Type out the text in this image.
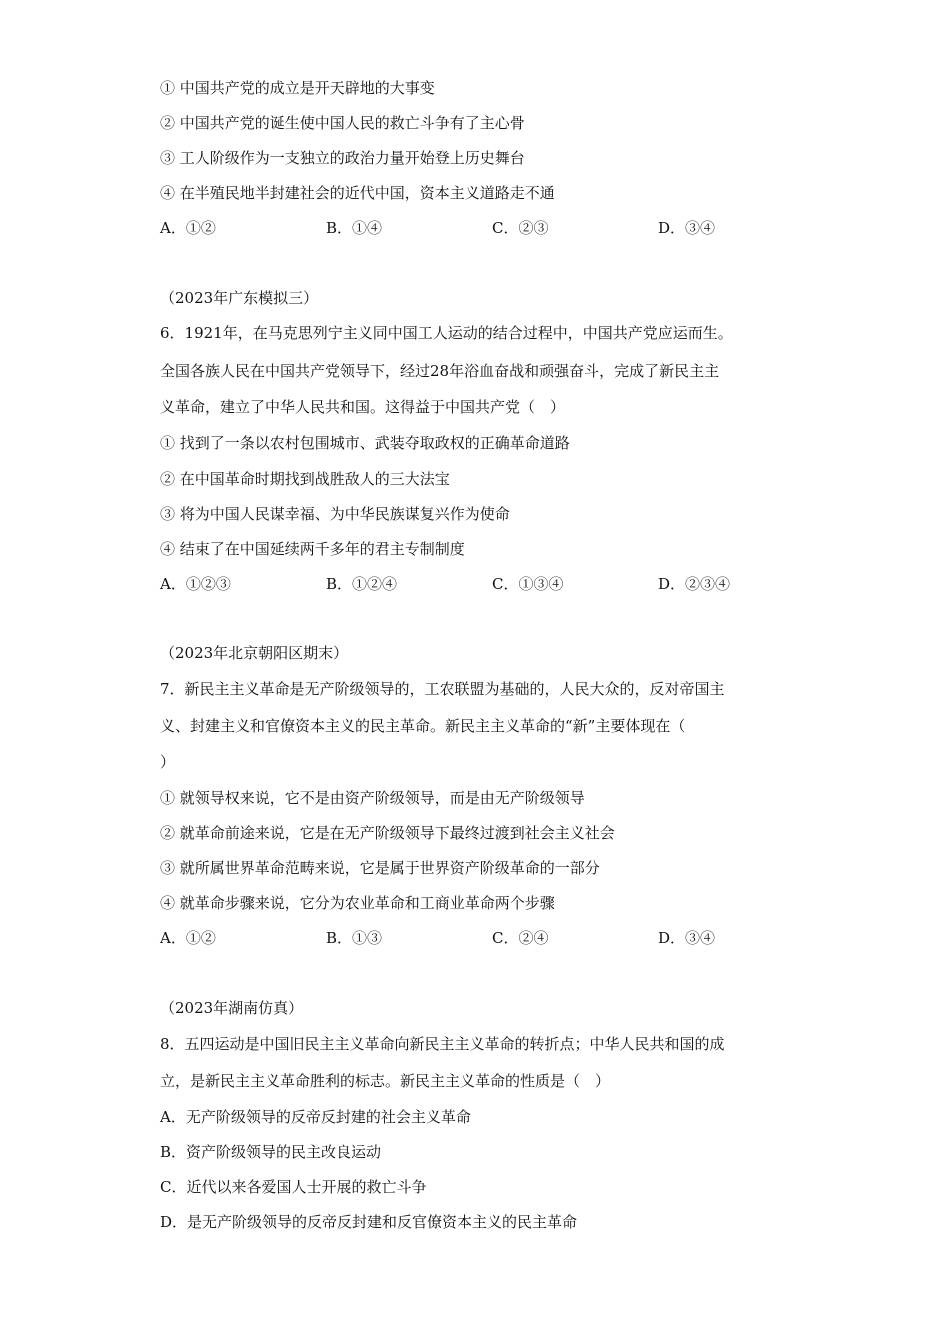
① 中国共产党的成立是开天辟地的大事变
② 中国共产党的诞生使中国人民的救亡斗争有了主心骨
③ 工人阶级作为一支独立的政治力量开始登上历史舞台
④ 在半殖民地半封建社会的近代中国，资本主义道路走不通
A．①②	B．①④	C．②③	D．③④
（2023年广东模拟三）
6．1921年，在马克思列宁主义同中国工人运动的结合过程中，中国共产党应运而生。
全国各族人民在中国共产党领导下，经过28年浴血奋战和顽强奋斗，完成了新民主主
义革命，建立了中华人民共和国。这得益于中国共产党（　）
① 找到了一条以农村包围城市、武装夺取政权的正确革命道路
② 在中国革命时期找到战胜敌人的三大法宝
③ 将为中国人民谋幸福、为中华民族谋复兴作为使命
④ 结束了在中国延续两千多年的君主专制制度
A．①②③	B．①②④	C．①③④	D．②③④
（2023年北京朝阳区期末）
7．新民主主义革命是无产阶级领导的，工农联盟为基础的，人民大众的，反对帝国主
义、封建主义和官僚资本主义的民主革命。新民主主义革命的“新”主要体现在（
）
① 就领导权来说，它不是由资产阶级领导，而是由无产阶级领导
② 就革命前途来说，它是在无产阶级领导下最终过渡到社会主义社会
③ 就所属世界革命范畴来说，它是属于世界资产阶级革命的一部分
④ 就革命步骤来说，它分为农业革命和工商业革命两个步骤
A．①②	B．①③	C．②④	D．③④
（2023年湖南仿真）
8．五四运动是中国旧民主主义革命向新民主主义革命的转折点；中华人民共和国的成
立，是新民主主义革命胜利的标志。新民主主义革命的性质是（　）
A．无产阶级领导的反帝反封建的社会主义革命
B．资产阶级领导的民主改良运动
C．近代以来各爱国人士开展的救亡斗争
D．是无产阶级领导的反帝反封建和反官僚资本主义的民主革命
